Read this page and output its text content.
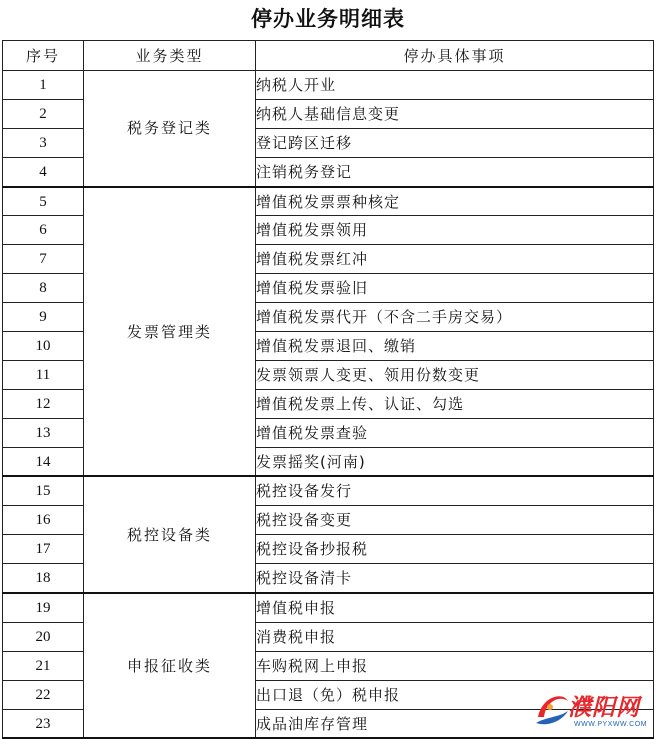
停办业务明细表
序号	业务类型	停办具体事项
1	税务登记类	纳税人开业
2		纳税人基础信息变更
3		登记跨区迁移
4		注销税务登记
5	发票管理类	增值税发票票种核定
6		增值税发票领用
7		增值税发票红冲
8		增值税发票验旧
9		增值税发票代开（不含二手房交易）
10		增值税发票退回、缴销
11		发票领票人变更、领用份数变更
12		增值税发票上传、认证、勾选
13		增值税发票查验
14		发票摇奖(河南)
15	税控设备类	税控设备发行
16		税控设备变更
17		税控设备抄报税
18		税控设备清卡
19	申报征收类	增值税申报
20		消费税申报
21		车购税网上申报
22		出口退（免）税申报
23		成品油库存管理
濮阳网
WWW.PYXWW.COM
